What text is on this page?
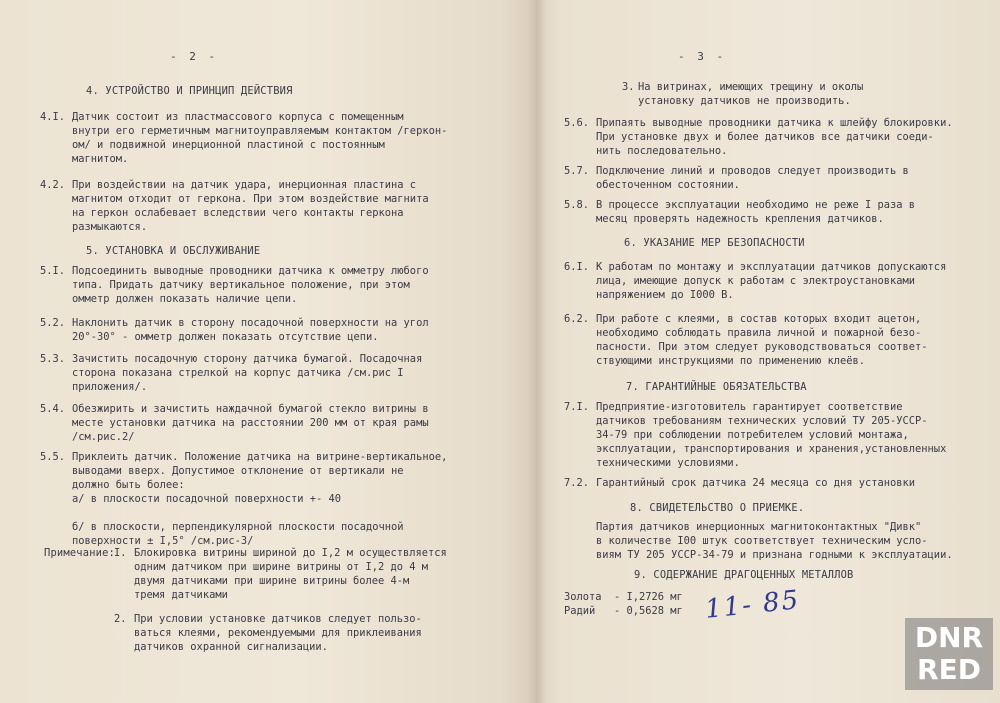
- 2 -
4. УСТРОЙСТВО И ПРИНЦИП ДЕЙСТВИЯ
4.I. Датчик состоит из пластмассового корпуса с помещенным
внутри его герметичным магнитоуправляемым контактом /геркон-
ом/ и подвижной инерционной пластиной с постоянным
магнитом.
4.2. При воздействии на датчик удара, инерционная пластина с
магнитом отходит от геркона. При этом воздействие магнита
на геркон ослабевает вследствии чего контакты геркона
размыкаются.
5. УСТАНОВКА И ОБСЛУЖИВАНИЕ
5.I. Подсоединить выводные проводники датчика к омметру любого
типа. Придать датчику вертикальное положение, при этом
омметр должен показать наличие цепи.
5.2. Наклонить датчик в сторону посадочной поверхности на угол
20°-30° - омметр должен показать отсутствие цепи.
5.3. Зачистить посадочную сторону датчика бумагой. Посадочная
сторона показана стрелкой на корпус датчика /см.рис I
приложения/.
5.4. Обезжирить и зачистить наждачной бумагой стекло витрины в
месте установки датчика на расстоянии 200 мм от края рамы
/см.рис.2/
5.5. Приклеить датчик. Положение датчика на витрине-вертикальное,
выводами вверх. Допустимое отклонение от вертикали не
должно быть более:
а/ в плоскости посадочной поверхности +- 40

б/ в плоскости, перпендикулярной плоскости посадочной
поверхности ± I,5° /см.рис-3/
Примечание:
I. Блокировка витрины шириной до I,2 м осуществляется
одним датчиком при ширине витрины от I,2 до 4 м
двумя датчиками при ширине витрины более 4-м
тремя датчиками
2. При условии установке датчиков следует пользо-
ваться клеями, рекомендуемыми для приклеивания
датчиков охранной сигнализации.
- 3 -
3. На витринах, имеющих трещину и околы
установку датчиков не производить.
5.6. Припаять выводные проводники датчика к шлейфу блокировки.
При установке двух и более датчиков все датчики соеди-
нить последовательно.
5.7. Подключение линий и проводов следует производить в
обесточенном состоянии.
5.8. В процессе эксплуатации необходимо не реже I раза в
месяц проверять надежность крепления датчиков.
6. УКАЗАНИЕ МЕР БЕЗОПАСНОСТИ
6.I. К работам по монтажу и эксплуатации датчиков допускаются
лица, имеющие допуск к работам с электроустановками
напряжением до I000 В.
6.2. При работе с клеями, в состав которых входит ацетон,
необходимо соблюдать правила личной и пожарной безо-
пасности. При этом следует руководствоваться соответ-
ствующими инструкциями по применению клеёв.
7. ГАРАНТИЙНЫЕ ОБЯЗАТЕЛЬСТВА
7.I. Предприятие-изготовитель гарантирует соответствие
датчиков требованиям технических условий ТУ 205-УССР-
34-79 при соблюдении потребителем условий монтажа,
эксплуатации, транспортирования и хранения,установленных
техническими условиями.
7.2. Гарантийный срок датчика 24 месяца со дня установки
8. СВИДЕТЕЛЬСТВО О ПРИЕМКЕ.
Партия датчиков инерционных магнитоконтактных "Дивк"
в количестве I00 штук соответствует техническим усло-
виям ТУ 205 УССР-34-79 и признана годными к эксплуатации.
9. СОДЕРЖАНИЕ ДРАГОЦЕННЫХ МЕТАЛЛОВ
Золота	- I,2726 мг
Радий	- 0,5628 мг 11- 85
DNR
RED
